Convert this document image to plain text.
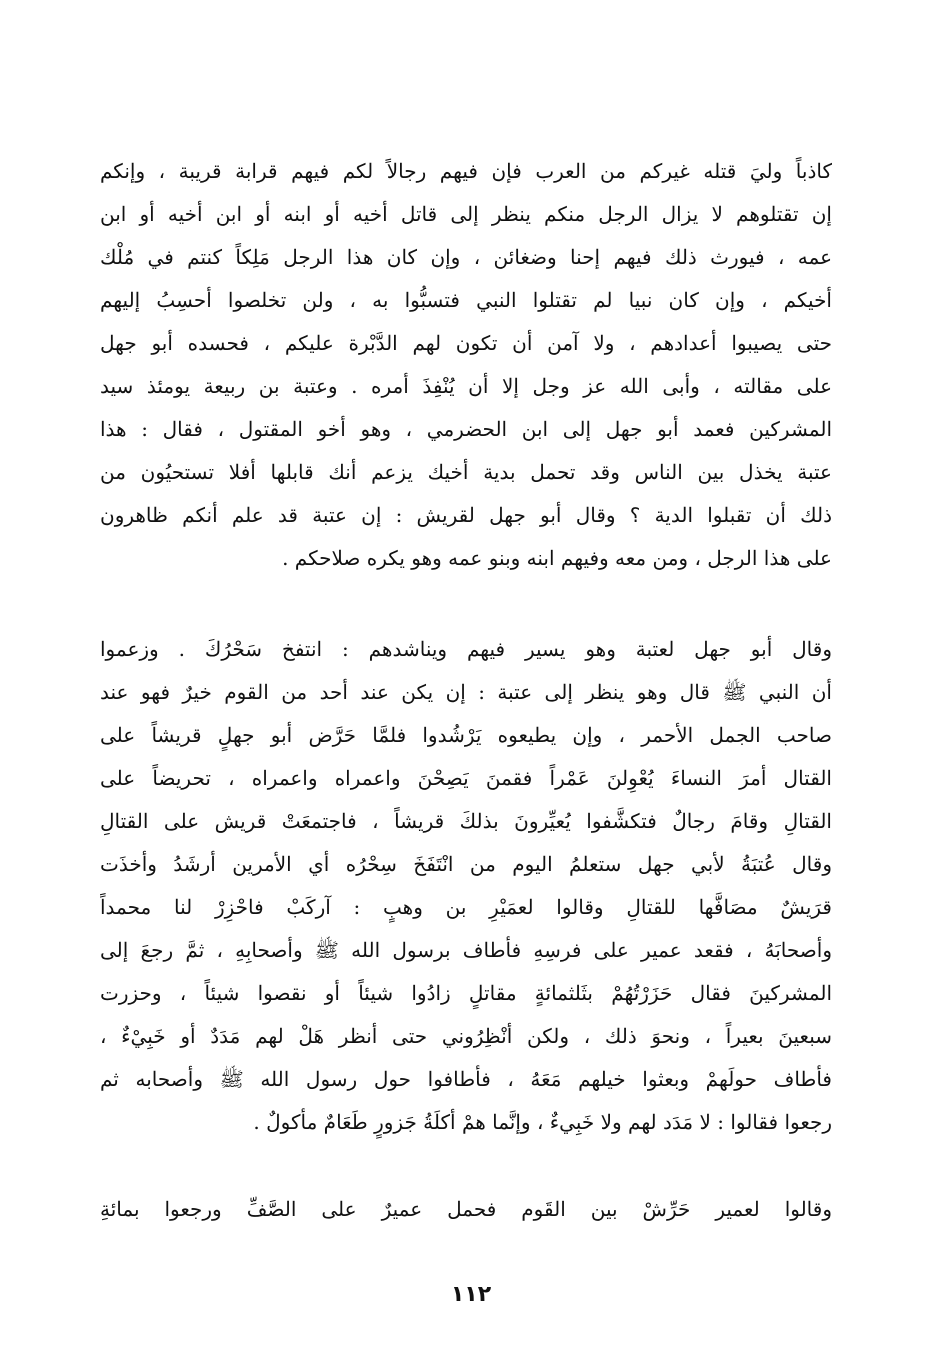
كاذباً وليَ قتله غيركم من العرب فإن فيهم رجالاً لكم فيهم قرابة قريبة ، وإنكم
إن تقتلوهم لا يزال الرجل منكم ينظر إلى قاتل أخيه أو ابنه أو ابن أخيه أو ابن
عمه ، فيورث ذلك فيهم إحنا وضغائن ، وإن كان هذا الرجل مَلِكاً كنتم في مُلْك
أخيكم ، وإن كان نبيا لم تقتلوا النبي فتسبُّوا به ، ولن تخلصوا أحسِبُ إليهم
حتى يصيبوا أعدادهم ، ولا آمن أن تكون لهم الدَّبْرة عليكم ، فحسده أبو جهل
على مقالته ، وأبى الله عز وجل إلا أن يُنْفِذَ أمره . وعتبة بن ربيعة يومئذ سيد
المشركين فعمد أبو جهل إلى ابن الحضرمي ، وهو أخو المقتول ، فقال : هذا
عتبة يخذل بين الناس وقد تحمل بدية أخيك يزعم أنك قابلها أفلا تستحيُون من
ذلك أن تقبلوا الدية ؟ وقال أبو جهل لقريش : إن عتبة قد علم أنكم ظاهرون
على هذا الرجل ، ومن معه وفيهم ابنه وبنو عمه وهو يكره صلاحكم .
وقال أبو جهل لعتبة وهو يسير فيهم ويناشدهم : انتفخ سَحْرُكَ . وزعموا
أن النبي ﷺ قال وهو ينظر إلى عتبة : إن يكن عند أحد من القوم خيرٌ فهو عند
صاحب الجمل الأحمر ، وإن يطيعوه يَرْشُدوا فلمَّا حَرَّض أبو جهلٍ قريشاً على
القتال أمرَ النساءَ يُعْوِلنَ عَمْراً فقمنَ يَصِحْنَ واعمراه واعمراه ، تحريضاً على
القتالِ وقامَ رجالٌ فتكشَّفوا يُعيِّرونَ بذلكَ قريشاً ، فاجتمعَتْ قريش على القتالِ
وقال عُتبَةُ لأبي جهل ستعلمُ اليوم من انْتَفَخَ سِحْرُه أي الأمرين أرشَدُ وأخذَت
قرَيشٌ مصَافَّها للقتالِ وقالوا لعمَيْرِ بن وهبٍ : آركَبْ فاحْزِرْ لنا محمداً
وأصحابَهُ ، فقعد عمير على فرسِهِ فأطاف برسول الله ﷺ وأصحابِهِ ، ثمَّ رجعَ إلى
المشركينَ فقال حَزَرْتُهُمْ بثَلثمائةٍ مقاتلٍ زادُوا شيئاً أو نقصوا شيئاً ، وحزرت
سبعينَ بعيراً ، ونحوَ ذلك ، ولكن أنْظِرُوني حتى أنظر هَلْ لهم مَدَدٌ أو خَبِيْءٌ ،
فأطاف حولَهمْ وبعثوا خيلهم مَعَهُ ، فأطافوا حول رسول الله ﷺ وأصحابه ثم
رجعوا فقالوا : لا مَدَد لهم ولا خَبِيءٌ ، وإنَّما همْ أكلَةُ جَزورٍ طَعَامٌ مأكولٌ .
وقالوا لعمير حَرِّشْ بين القَوم فحمل عميرٌ على الصَّفِّ ورجعوا بمائةِ
١١٢
